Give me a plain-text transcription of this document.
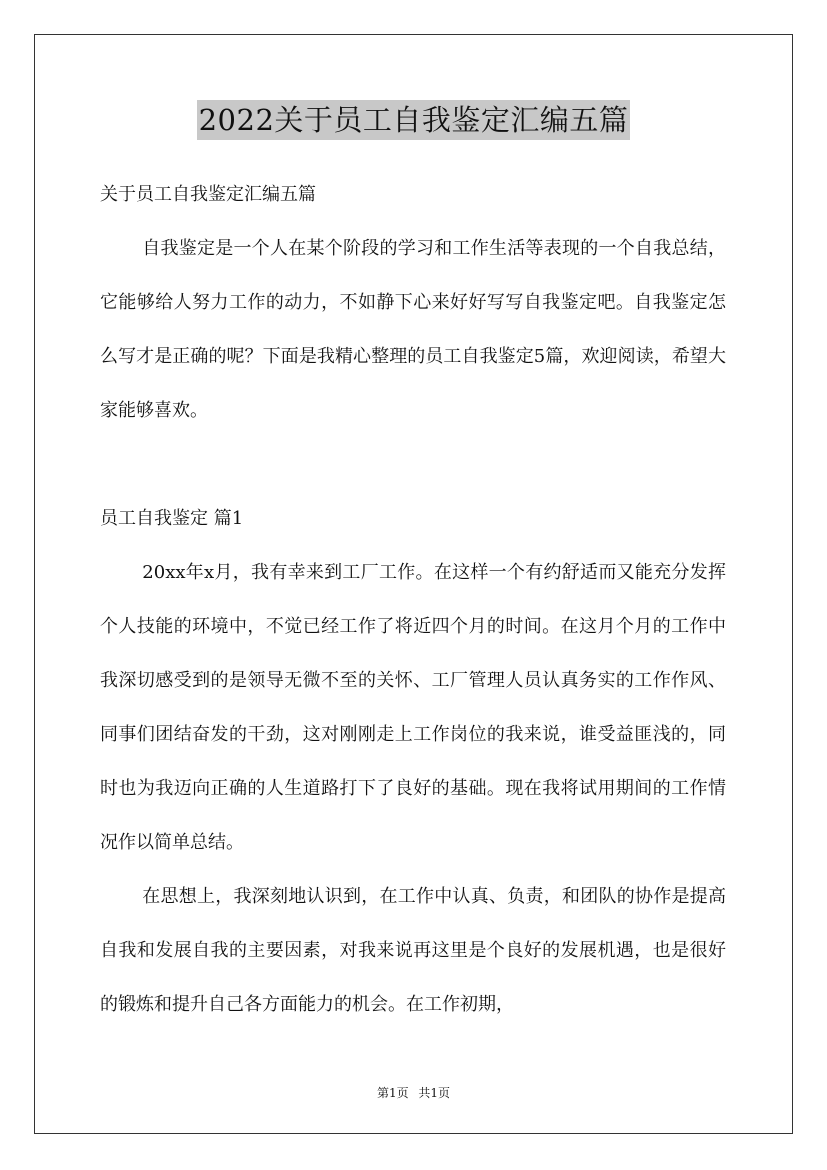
2022关于员工自我鉴定汇编五篇

关于员工自我鉴定汇编五篇

自我鉴定是一个人在某个阶段的学习和工作生活等表现的一个自我总结，它能够给人努力工作的动力，不如静下心来好好写写自我鉴定吧。自我鉴定怎么写才是正确的呢？下面是我精心整理的员工自我鉴定5篇，欢迎阅读，希望大家能够喜欢。

员工自我鉴定 篇1

20xx年x月，我有幸来到工厂工作。在这样一个有约舒适而又能充分发挥个人技能的环境中，不觉已经工作了将近四个月的时间。在这月个月的工作中我深切感受到的是领导无微不至的关怀、工厂管理人员认真务实的工作作风、同事们团结奋发的干劲，这对刚刚走上工作岗位的我来说，谁受益匪浅的，同时也为我迈向正确的人生道路打下了良好的基础。现在我将试用期间的工作情况作以简单总结。

在思想上，我深刻地认识到，在工作中认真、负责，和团队的协作是提高自我和发展自我的主要因素，对我来说再这里是个良好的发展机遇，也是很好的锻炼和提升自己各方面能力的机会。在工作初期，

第1页 共1页
